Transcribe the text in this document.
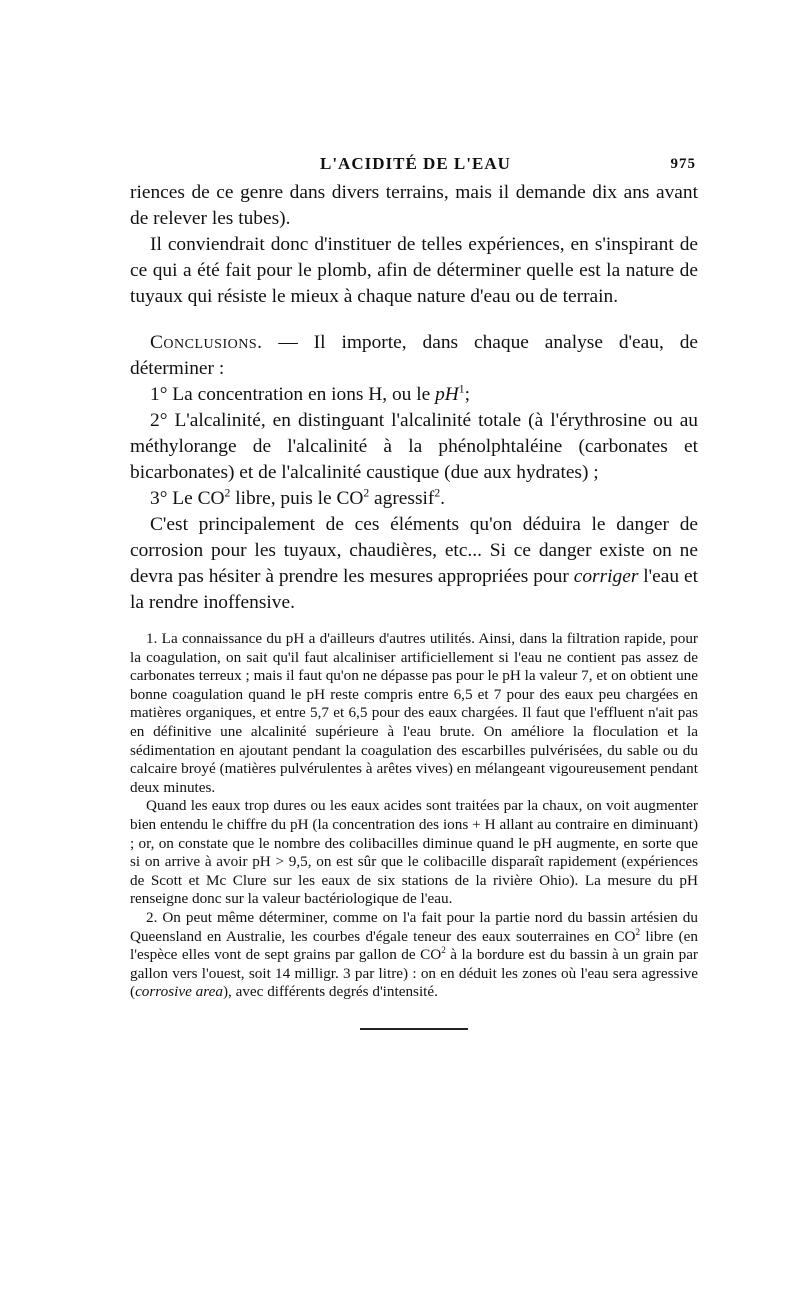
L'ACIDITÉ DE L'EAU	975

riences de ce genre dans divers terrains, mais il demande dix ans avant de relever les tubes).

Il conviendrait donc d'instituer de telles expériences, en s'inspirant de ce qui a été fait pour le plomb, afin de déterminer quelle est la nature de tuyaux qui résiste le mieux à chaque nature d'eau ou de terrain.

Conclusions. — Il importe, dans chaque analyse d'eau, de déterminer :

1° La concentration en ions H, ou le $pH^1$;

2° L'alcalinité, en distinguant l'alcalinité totale (à l'érythrosine ou au méthylorange de l'alcalinité à la phénolphtaléine (carbonates et bicarbonates) et de l'alcalinité caustique (due aux hydrates) ;

3° Le $CO^2$ libre, puis le $CO^2$ agressif$^2$.

C'est principalement de ces éléments qu'on déduira le danger de corrosion pour les tuyaux, chaudières, etc... Si ce danger existe on ne devra pas hésiter à prendre les mesures appropriées pour corriger l'eau et la rendre inoffensive.

1. La connaissance du pH a d'ailleurs d'autres utilités. Ainsi, dans la filtration rapide, pour la coagulation, on sait qu'il faut alcaliniser artificiellement si l'eau ne contient pas assez de carbonates terreux ; mais il faut qu'on ne dépasse pas pour le pH la valeur 7, et on obtient une bonne coagulation quand le pH reste compris entre 6,5 et 7 pour des eaux peu chargées en matières organiques, et entre 5,7 et 6,5 pour des eaux chargées. Il faut que l'effluent n'ait pas en définitive une alcalinité supérieure à l'eau brute. On améliore la floculation et la sédimentation en ajoutant pendant la coagulation des escarbilles pulvérisées, du sable ou du calcaire broyé (matières pulvérulentes à arêtes vives) en mélangeant vigoureusement pendant deux minutes.

Quand les eaux trop dures ou les eaux acides sont traitées par la chaux, on voit augmenter bien entendu le chiffre du pH (la concentration des ions + H allant au contraire en diminuant) ; or, on constate que le nombre des colibacilles diminue quand le pH augmente, en sorte que si on arrive à avoir pH > 9,5, on est sûr que le colibacille disparaît rapidement (expériences de Scott et Mc Clure sur les eaux de six stations de la rivière Ohio). La mesure du pH renseigne donc sur la valeur bactériologique de l'eau.

2. On peut même déterminer, comme on l'a fait pour la partie nord du bassin artésien du Queensland en Australie, les courbes d'égale teneur des eaux souterraines en $CO^2$ libre (en l'espèce elles vont de sept grains par gallon de $CO^2$ à la bordure est du bassin à un grain par gallon vers l'ouest, soit 14 milligr. 3 par litre) : on en déduit les zones où l'eau sera agressive (corrosive area), avec différents degrés d'intensité.
